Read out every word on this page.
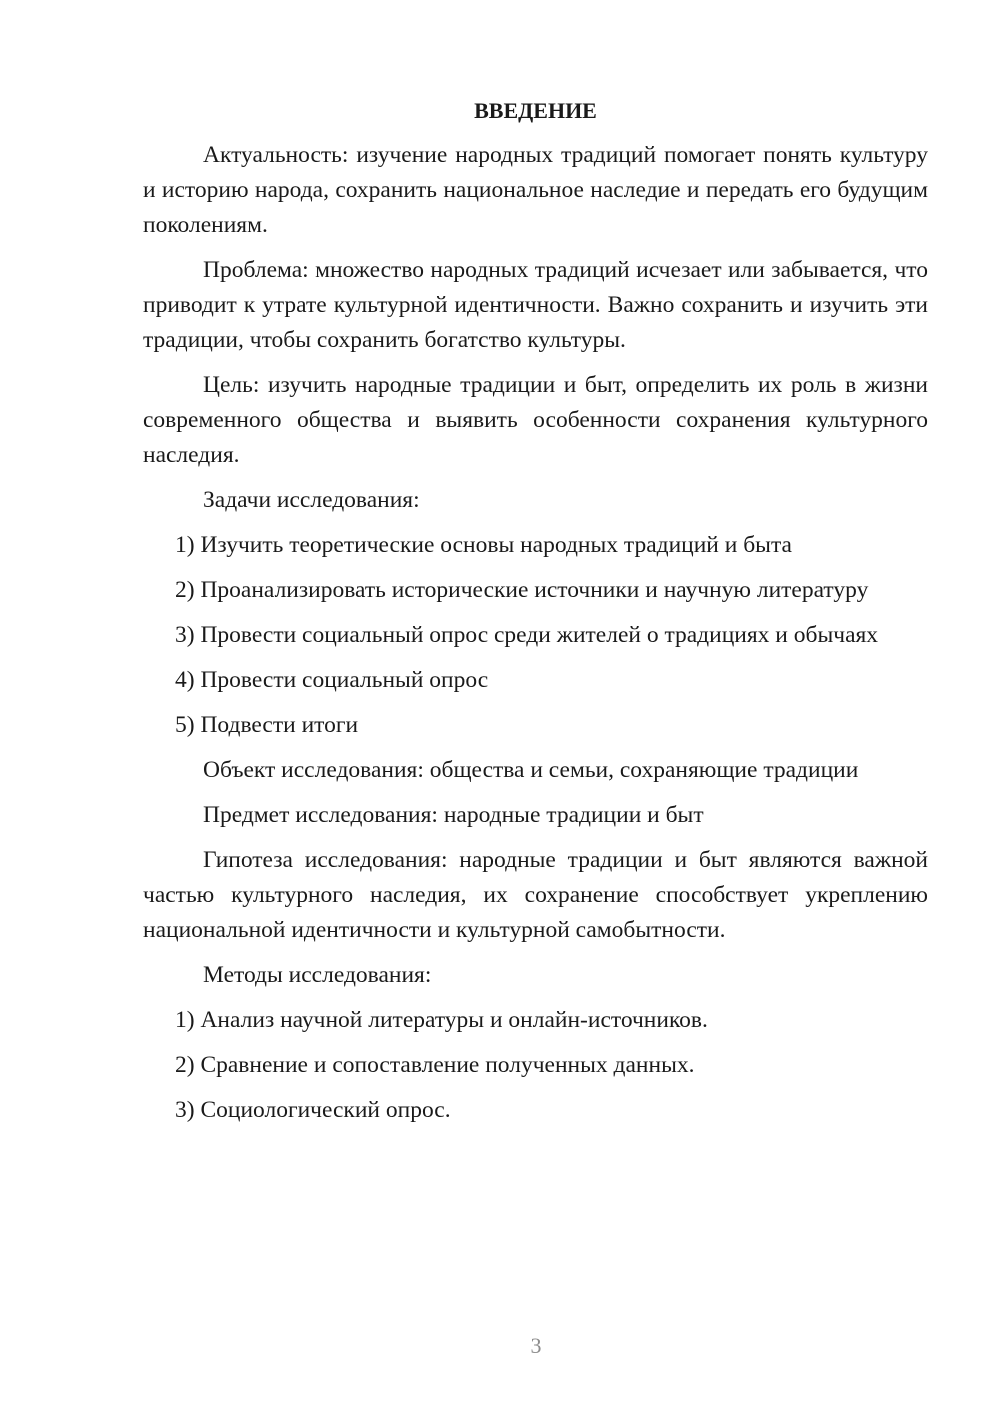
ВВЕДЕНИЕ

Актуальность: изучение народных традиций помогает понять культуру и историю народа, сохранить национальное наследие и передать его будущим поколениям.

Проблема: множество народных традиций исчезает или забывается, что приводит к утрате культурной идентичности. Важно сохранить и изучить эти традиции, чтобы сохранить богатство культуры.

Цель: изучить народные традиции и быт, определить их роль в жизни современного общества и выявить особенности сохранения культурного наследия.

Задачи исследования:

1) Изучить теоретические основы народных традиций и быта
2) Проанализировать исторические источники и научную литературу
3) Провести социальный опрос среди жителей о традициях и обычаях
4) Провести социальный опрос
5) Подвести итоги

Объект исследования: общества и семьи, сохраняющие традиции

Предмет исследования: народные традиции и быт

Гипотеза исследования: народные традиции и быт являются важной частью культурного наследия, их сохранение способствует укреплению национальной идентичности и культурной самобытности.

Методы исследования:

1) Анализ научной литературы и онлайн-источников.
2) Сравнение и сопоставление полученных данных.
3) Социологический опрос.
3
